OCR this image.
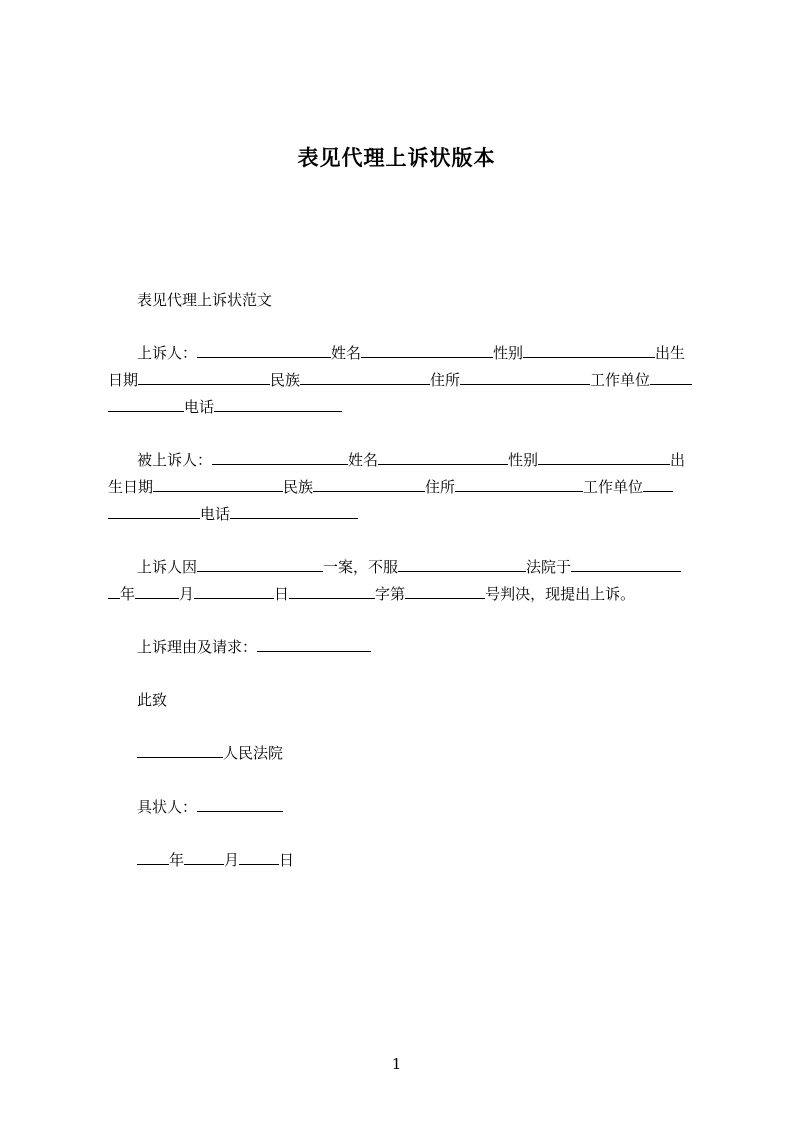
表见代理上诉状版本
表见代理上诉状范文
上诉人：	姓名	性别	出生
日期	民族	住所	工作单位
电话
被上诉人：	姓名	性别	出
生日期	民族	住所	工作单位
电话
上诉人因	一案，不服	法院于
年	月	日	字第	号判决，现提出上诉。
上诉理由及请求：
此致
人民法院
具状人：
年	月	日
1
